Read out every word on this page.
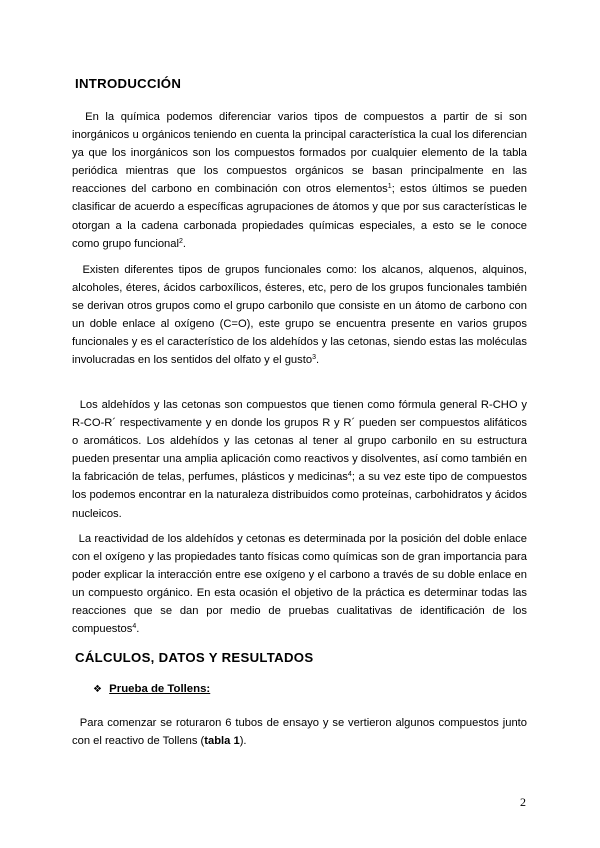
INTRODUCCIÓN

En la química podemos diferenciar varios tipos de compuestos a partir de si son inorgánicos u orgánicos teniendo en cuenta la principal característica la cual los diferencian ya que los inorgánicos son los compuestos formados por cualquier elemento de la tabla periódica mientras que los compuestos orgánicos se basan principalmente en las reacciones del carbono en combinación con otros elementos$^1$; estos últimos se pueden clasificar de acuerdo a específicas agrupaciones de átomos y que por sus características le otorgan a la cadena carbonada propiedades químicas especiales, a esto se le conoce como grupo funcional$^2$.

Existen diferentes tipos de grupos funcionales como: los alcanos, alquenos, alquinos, alcoholes, éteres, ácidos carboxílicos, ésteres, etc, pero de los grupos funcionales también se derivan otros grupos como el grupo carbonilo que consiste en un átomo de carbono con un doble enlace al oxígeno (C=O), este grupo se encuentra presente en varios grupos funcionales y es el característico de los aldehídos y las cetonas, siendo estas las moléculas involucradas en los sentidos del olfato y el gusto$^3$.

Los aldehídos y las cetonas son compuestos que tienen como fórmula general R-CHO y R-CO-R´ respectivamente y en donde los grupos R y R´ pueden ser compuestos alifáticos o aromáticos. Los aldehídos y las cetonas al tener al grupo carbonilo en su estructura pueden presentar una amplia aplicación como reactivos y disolventes, así como también en la fabricación de telas, perfumes, plásticos y medicinas$^4$; a su vez este tipo de compuestos los podemos encontrar en la naturaleza distribuidos como proteínas, carbohidratos y ácidos nucleicos.

La reactividad de los aldehídos y cetonas es determinada por la posición del doble enlace con el oxígeno y las propiedades tanto físicas como químicas son de gran importancia para poder explicar la interacción entre ese oxígeno y el carbono a través de su doble enlace en un compuesto orgánico. En esta ocasión el objetivo de la práctica es determinar todas las reacciones que se dan por medio de pruebas cualitativas de identificación de los compuestos$^4$.

CÁLCULOS, DATOS Y RESULTADOS

❖ Prueba de Tollens:

Para comenzar se roturaron 6 tubos de ensayo y se vertieron algunos compuestos junto con el reactivo de Tollens (tabla 1).

2
